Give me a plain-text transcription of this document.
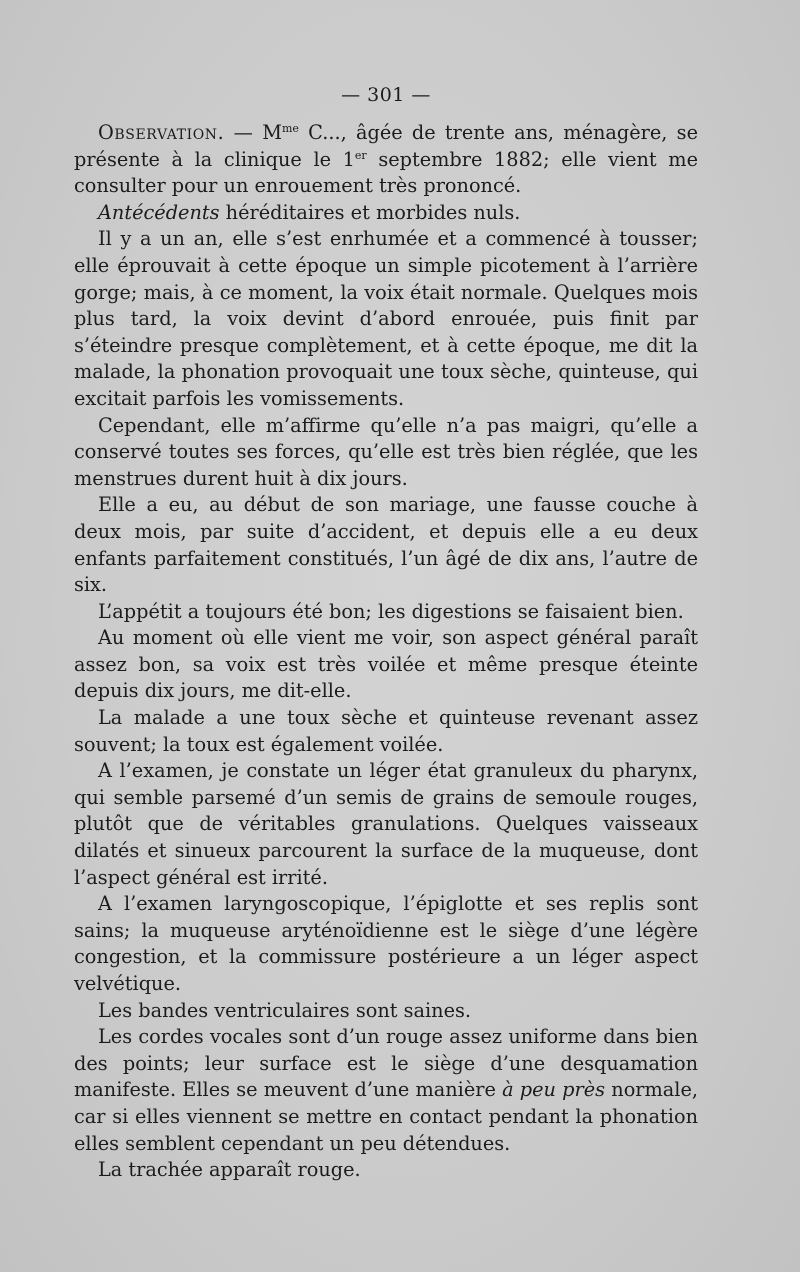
— 301 —

Observation. — $M^{me}$ C..., âgée de trente ans, ménagère, se présente à la clinique le 1er septembre 1882; elle vient me consulter pour un enrouement très prononcé.

Antécédents héréditaires et morbides nuls.

Il y a un an, elle s’est enrhumée et a commencé à tousser; elle éprouvait à cette époque un simple picotement à l’arrière gorge; mais, à ce moment, la voix était normale. Quelques mois plus tard, la voix devint d’abord enrouée, puis finit par s’éteindre presque complètement, et à cette époque, me dit la malade, la phonation provoquait une toux sèche, quinteuse, qui excitait parfois les vomissements.

Cependant, elle m’affirme qu’elle n’a pas maigri, qu’elle a conservé toutes ses forces, qu’elle est très bien réglée, que les menstrues durent huit à dix jours.

Elle a eu, au début de son mariage, une fausse couche à deux mois, par suite d’accident, et depuis elle a eu deux enfants parfaitement constitués, l’un âgé de dix ans, l’autre de six.

L’appétit a toujours été bon; les digestions se faisaient bien.

Au moment où elle vient me voir, son aspect général paraît assez bon, sa voix est très voilée et même presque éteinte depuis dix jours, me dit-elle.

La malade a une toux sèche et quinteuse revenant assez souvent; la toux est également voilée.

A l’examen, je constate un léger état granuleux du pharynx, qui semble parsemé d’un semis de grains de semoule rouges, plutôt que de véritables granulations. Quelques vaisseaux dilatés et sinueux parcourent la surface de la muqueuse, dont l’aspect général est irrité.

A l’examen laryngoscopique, l’épiglotte et ses replis sont sains; la muqueuse aryténoïdienne est le siège d’une légère congestion, et la commissure postérieure a un léger aspect velvétique.

Les bandes ventriculaires sont saines.

Les cordes vocales sont d’un rouge assez uniforme dans bien des points; leur surface est le siège d’une desquamation manifeste. Elles se meuvent d’une manière à peu près normale, car si elles viennent se mettre en contact pendant la phonation elles semblent cependant un peu détendues.

La trachée apparaît rouge.
